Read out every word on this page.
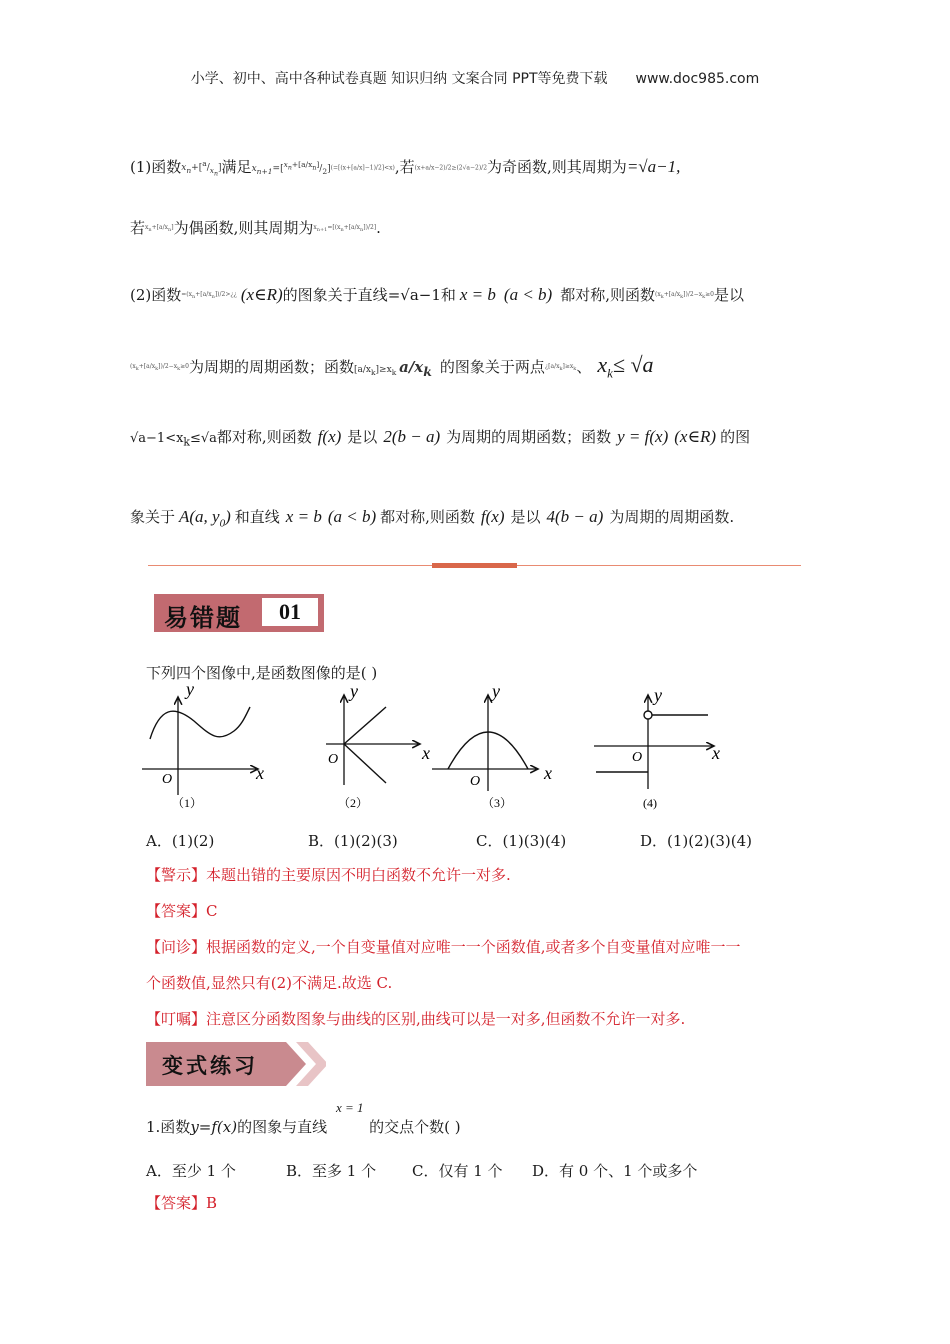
小学、初中、高中各种试卷真题 知识归纳 文案合同 PPT等免费下载 www.doc985.com
(1)函数$x_n+[^a/_{x_n}]$满足$x_{n+1}=[^{x_n+[a/x_n]}/_2](=[(x+[a/x]-1)/2]<x)$,若(x+a/x−2)/2≥(2√a−2)/2为奇函数,则其周期为=√a−1,
若$x_n+[a/x_n]$为偶函数,则其周期为$x_{n+1}=[(x_n+[a/x_n])/2]$.
(2)函数$=(x_n+[a/x_n])/2>¿¿$ (x∈R)的图象关于直线=√a−1和 x = b (a < b) 都对称,则函数$(x_k+[a/x_k])/2-x_k\ge 0$是以
$(x_k+[a/x_k])/2-x_k\ge 0$为周期的周期函数；函数$[a/x_k]\ge x_k$ $a/x_k$ 的图象关于两点¿$[a/x_k]\ge x_k$、 $x_k\le √a$
$√a-1<x_k\le√a$都对称,则函数 f(x) 是以 2(b − a) 为周期的周期函数；函数 y = f(x) (x∈R) 的图
象关于 A(a, $y_0$) 和直线 x = b (a < b) 都对称,则函数 f(x) 是以 4(b − a) 为周期的周期函数.
易错题	01
下列四个图像中,是函数图像的是( )
y
x
O
（1）
y
x
O
（2）
y
x
O
（3）
y
x
O
(4)
A．(1)(2)	B．(1)(2)(3)	C．(1)(3)(4)	D．(1)(2)(3)(4)
【警示】本题出错的主要原因不明白函数不允许一对多.
【答案】C
【问诊】根据函数的定义,一个自变量值对应唯一一个函数值,或者多个自变量值对应唯一一
个函数值,显然只有(2)不满足.故选 C.
【叮嘱】注意区分函数图象与曲线的区别,曲线可以是一对多,但函数不允许一对多.
变式练习
x = 1
1.函数y=f(x)的图象与直线	的交点个数( )
A．至少 1 个	B．至多 1 个 C．仅有 1 个 D．有 0 个、1 个或多个
【答案】B
